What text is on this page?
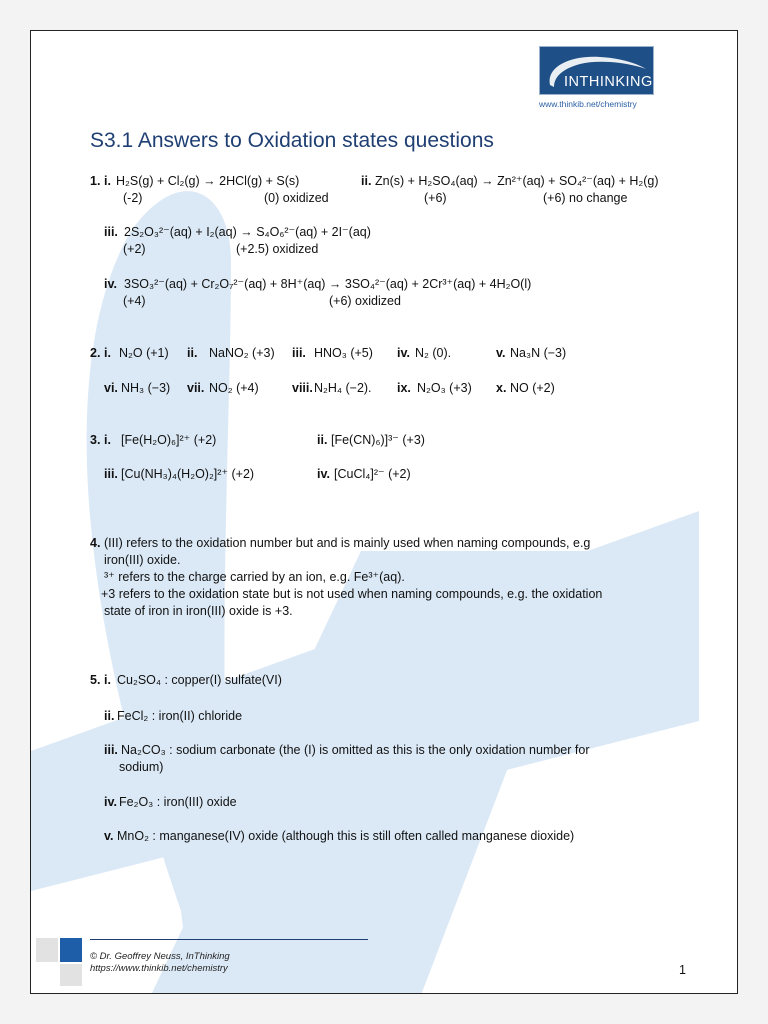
INTHINKING
www.thinkib.net/chemistry
S3.1 Answers to Oxidation states questions
1. i. H₂S(g) + Cl₂(g) → 2HCl(g) + S(s)
(-2)	(0) oxidized
ii. Zn(s) + H₂SO₄(aq) → Zn²⁺(aq) + SO₄²⁻(aq) + H₂(g)
(+6)	(+6) no change
iii. 2S₂O₃²⁻(aq) + I₂(aq) → S₄O₆²⁻(aq) + 2I⁻(aq)
(+2)	(+2.5) oxidized
iv. 3SO₃²⁻(aq) + Cr₂O₇²⁻(aq) + 8H⁺(aq) → 3SO₄²⁻(aq) + 2Cr³⁺(aq) + 4H₂O(l)
(+4)	(+6) oxidized
2. i. N₂O (+1) ii. NaNO₂ (+3) iii. HNO₃ (+5) iv. N₂ (0).	v. Na₃N (−3)
vi. NH₃ (−3) vii. NO₂ (+4)	viii. N₂H₄ (−2). ix. N₂O₃ (+3) x. NO (+2)
3. i. [Fe(H₂O)₆]²⁺ (+2)	ii. [Fe(CN)₆)]³⁻ (+3)
iii. [Cu(NH₃)₄(H₂O)₂]²⁺ (+2)	iv. [CuCl₄]²⁻ (+2)
4. (III) refers to the oxidation number but and is mainly used when naming compounds, e.g
iron(III) oxide.
³⁺ refers to the charge carried by an ion, e.g. Fe³⁺(aq).
+3 refers to the oxidation state but is not used when naming compounds, e.g. the oxidation
state of iron in iron(III) oxide is +3.
5. i. Cu₂SO₄ : copper(I) sulfate(VI)
ii. FeCl₂ : iron(II) chloride
iii. Na₂CO₃ : sodium carbonate (the (I) is omitted as this is the only oxidation number for
sodium)
iv. Fe₂O₃ : iron(III) oxide
v. MnO₂ : manganese(IV) oxide (although this is still often called manganese dioxide)
© Dr. Geoffrey Neuss, InThinking
https://www.thinkib.net/chemistry	1
